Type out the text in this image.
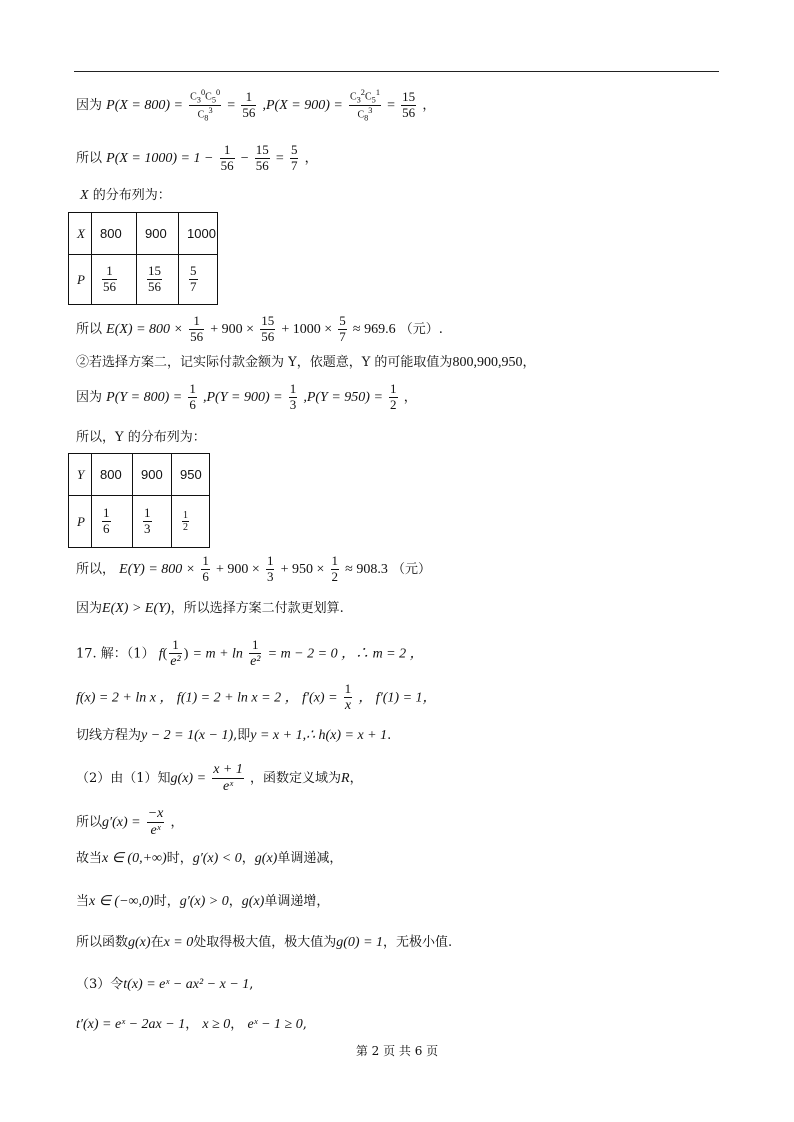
因为 $P(X = 800) = \frac{C_3^0C_5^0}{C_8^3} = \frac{1}{56} ,P(X = 900) = \frac{C_3^2C_5^1}{C_8^3} = \frac{15}{56}$ ，
所以 $P(X = 1000) = 1 - \frac{1}{56} - \frac{15}{56} = \frac{5}{7}$ ，
X 的分布列为：
X	800	900	1000
P	$\frac{1}{56}$	$\frac{15}{56}$	$\frac{5}{7}$
所以 $E(X) = 800 \times \frac{1}{56} + 900 \times \frac{15}{56} + 1000 \times \frac{5}{7} \approx 969.6$ （元）.
②若选择方案二，记实际付款金额为 Y，依题意，Y 的可能取值为800,900,950，
因为 $P(Y = 800) = \frac{1}{6} ,P(Y = 900) = \frac{1}{3} ,P(Y = 950) = \frac{1}{2}$ ，
所以，Y 的分布列为：
Y	800	900	950
P	$\frac{1}{6}$	$\frac{1}{3}$	$\frac{1}{2}$
所以， $E(Y) = 800 \times \frac{1}{6} + 900 \times \frac{1}{3} + 950 \times \frac{1}{2} \approx 908.3$ （元）
因为E(X) > E(Y)，所以选择方案二付款更划算.
17. 解：（1） $f( \frac{1}{\text{e²}}$ ) = $m + \ln \frac{1}{\text{e²}} = m - 2 = 0$ ，∴ m = 2 ，
f(x) = 2 + ln x ， f(1) = 2 + ln x = 2 ， $f'(x) = \frac{1}{x}$ ， f′(1) = 1，
切线方程为y − 2 = 1(x − 1),即y = x + 1,∴ h(x) = x + 1.
（2）由（1）知$g(x) = \frac{x + 1}{\text{eˣ}}$ ，函数定义域为R，
所以$g'(x) = \frac{-x}{\text{eˣ}}$ ，
故当x ∈ (0,+∞)时，g′(x) < 0，g(x)单调递减，
当x ∈ (−∞,0)时，g′(x) > 0，g(x)单调递增，
所以函数g(x)在x = 0处取得极大值，极大值为g(0) = 1，无极小值.
（3）令t(x) = eˣ − ax² − x − 1,
t′(x) = eˣ − 2ax − 1， x ≥ 0， eˣ − 1 ≥ 0,
第 2 页 共 6 页
